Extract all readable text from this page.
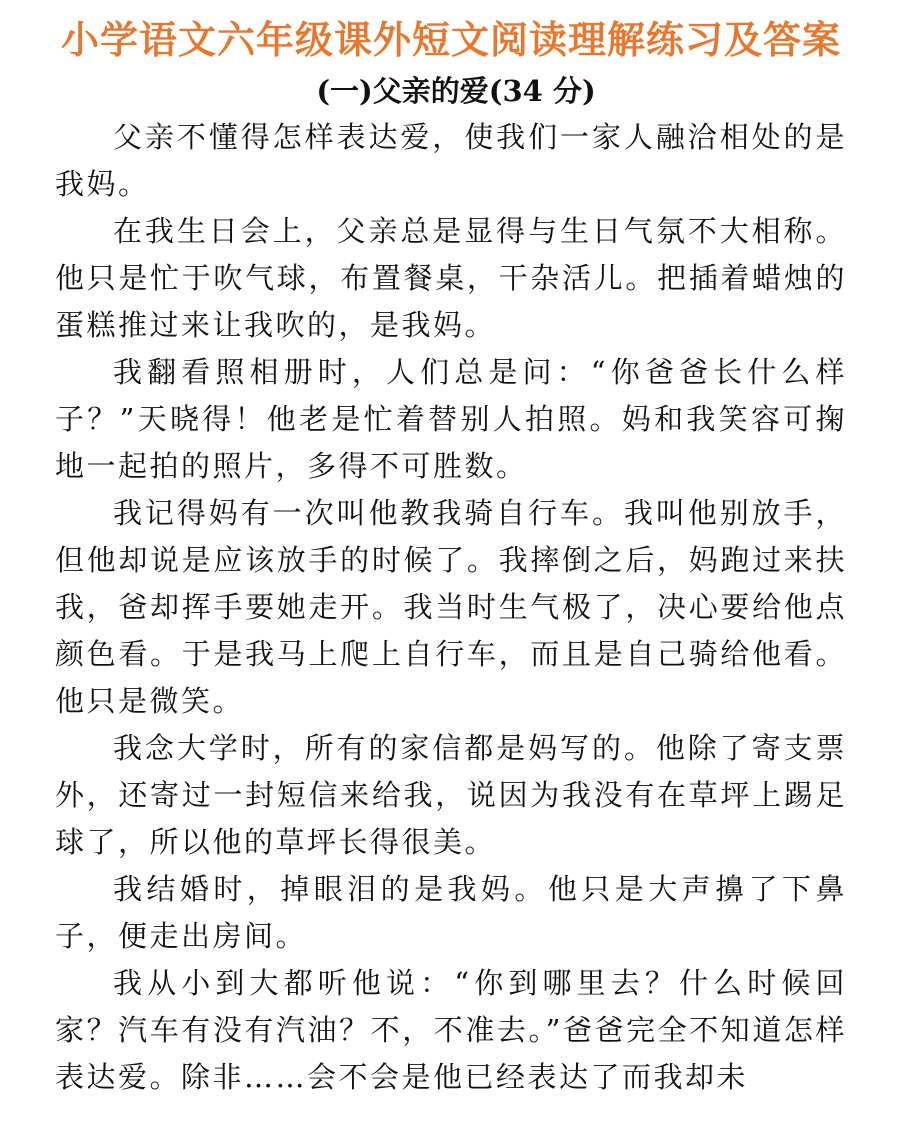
小学语文六年级课外短文阅读理解练习及答案
(一)父亲的爱(34 分)

父亲不懂得怎样表达爱，使我们一家人融洽相处的是我妈。

在我生日会上，父亲总是显得与生日气氛不大相称。他只是忙于吹气球，布置餐桌，干杂活儿。把插着蜡烛的蛋糕推过来让我吹的，是我妈。

我翻看照相册时，人们总是问：“你爸爸长什么样子？”天晓得！他老是忙着替别人拍照。妈和我笑容可掬地一起拍的照片，多得不可胜数。

我记得妈有一次叫他教我骑自行车。我叫他别放手，但他却说是应该放手的时候了。我摔倒之后，妈跑过来扶我，爸却挥手要她走开。我当时生气极了，决心要给他点颜色看。于是我马上爬上自行车，而且是自己骑给他看。他只是微笑。

我念大学时，所有的家信都是妈写的。他除了寄支票外，还寄过一封短信来给我，说因为我没有在草坪上踢足球了，所以他的草坪长得很美。

我结婚时，掉眼泪的是我妈。他只是大声擤了下鼻子，便走出房间。

我从小到大都听他说：“你到哪里去？什么时候回家？汽车有没有汽油？不，不准去。”爸爸完全不知道怎样表达爱。除非……会不会是他已经表达了而我却未
